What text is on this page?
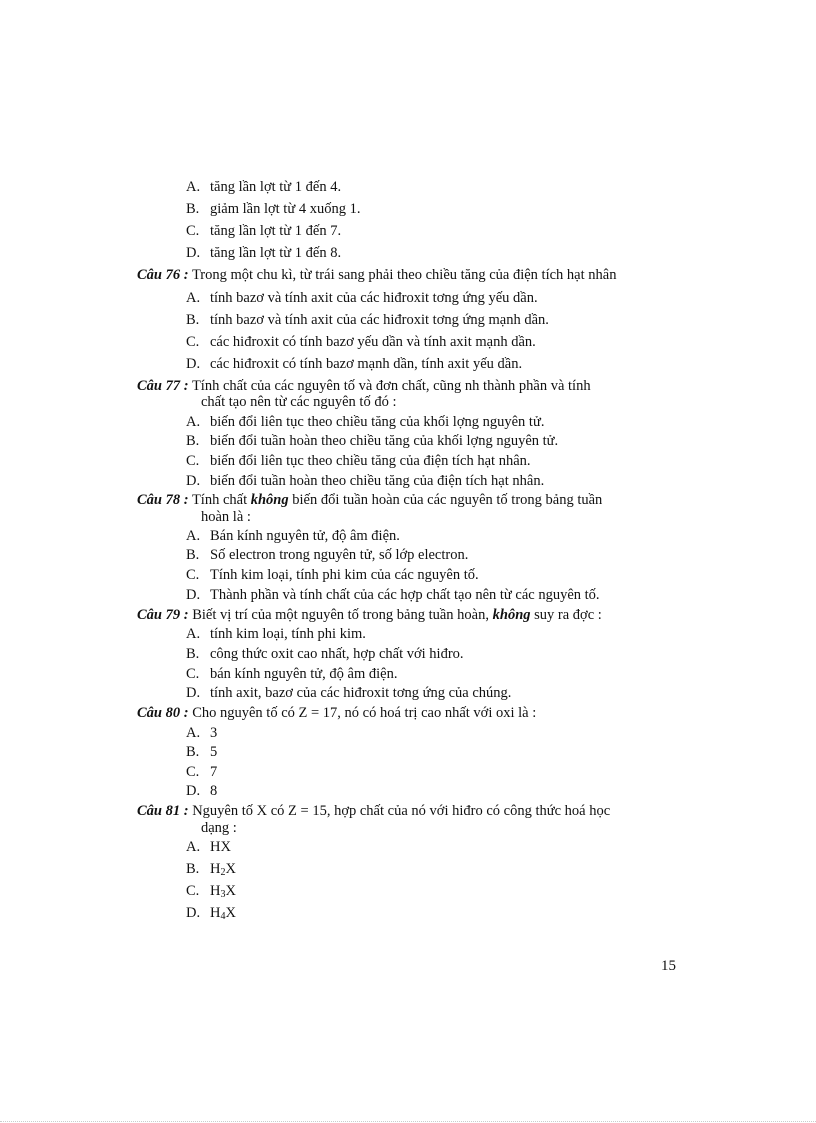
A. tăng lần lợt từ 1 đến 4.
B. giảm lần lợt từ 4 xuống 1.
C. tăng lần lợt từ 1 đến 7.
D. tăng lần lợt từ 1 đến 8.
Câu 76 : Trong một chu kì, từ trái sang phải theo chiều tăng của điện tích hạt nhân
A. tính bazơ và tính axit của các hiđroxit tơng ứng yếu dần.
B. tính bazơ và tính axit của các hiđroxit tơng ứng mạnh dần.
C. các hiđroxit có tính bazơ yếu dần và tính axit mạnh dần.
D. các hiđroxit có tính bazơ mạnh dần, tính axit yếu dần.
Câu 77 : Tính chất của các nguyên tố và đơn chất, cũng nh thành phần và tính
chất tạo nên từ các nguyên tố đó :
A. biến đổi liên tục theo chiều tăng của khối lợng nguyên tử.
B. biến đổi tuần hoàn theo chiều tăng của khối lợng nguyên tử.
C. biến đổi liên tục theo chiều tăng của điện tích hạt nhân.
D. biến đổi tuần hoàn theo chiều tăng của điện tích hạt nhân.
Câu 78 : Tính chất không biến đổi tuần hoàn của các nguyên tố trong bảng tuần
hoàn là :
A. Bán kính nguyên tử, độ âm điện.
B. Số electron trong nguyên tử, số lớp electron.
C. Tính kim loại, tính phi kim của các nguyên tố.
D. Thành phần và tính chất của các hợp chất tạo nên từ các nguyên tố.
Câu 79 : Biết vị trí của một nguyên tố trong bảng tuần hoàn, không suy ra đợc :
A. tính kim loại, tính phi kim.
B. công thức oxit cao nhất, hợp chất với hiđro.
C. bán kính nguyên tử, độ âm điện.
D. tính axit, bazơ của các hiđroxit tơng ứng của chúng.
Câu 80 : Cho nguyên tố có Z = 17, nó có hoá trị cao nhất với oxi là :
A. 3
B. 5
C. 7
D. 8
Câu 81 : Nguyên tố X có Z = 15, hợp chất của nó với hiđro có công thức hoá học
dạng :
A. HX
B. $H_2X$
C. $H_3X$
D. $H_4X$
15
